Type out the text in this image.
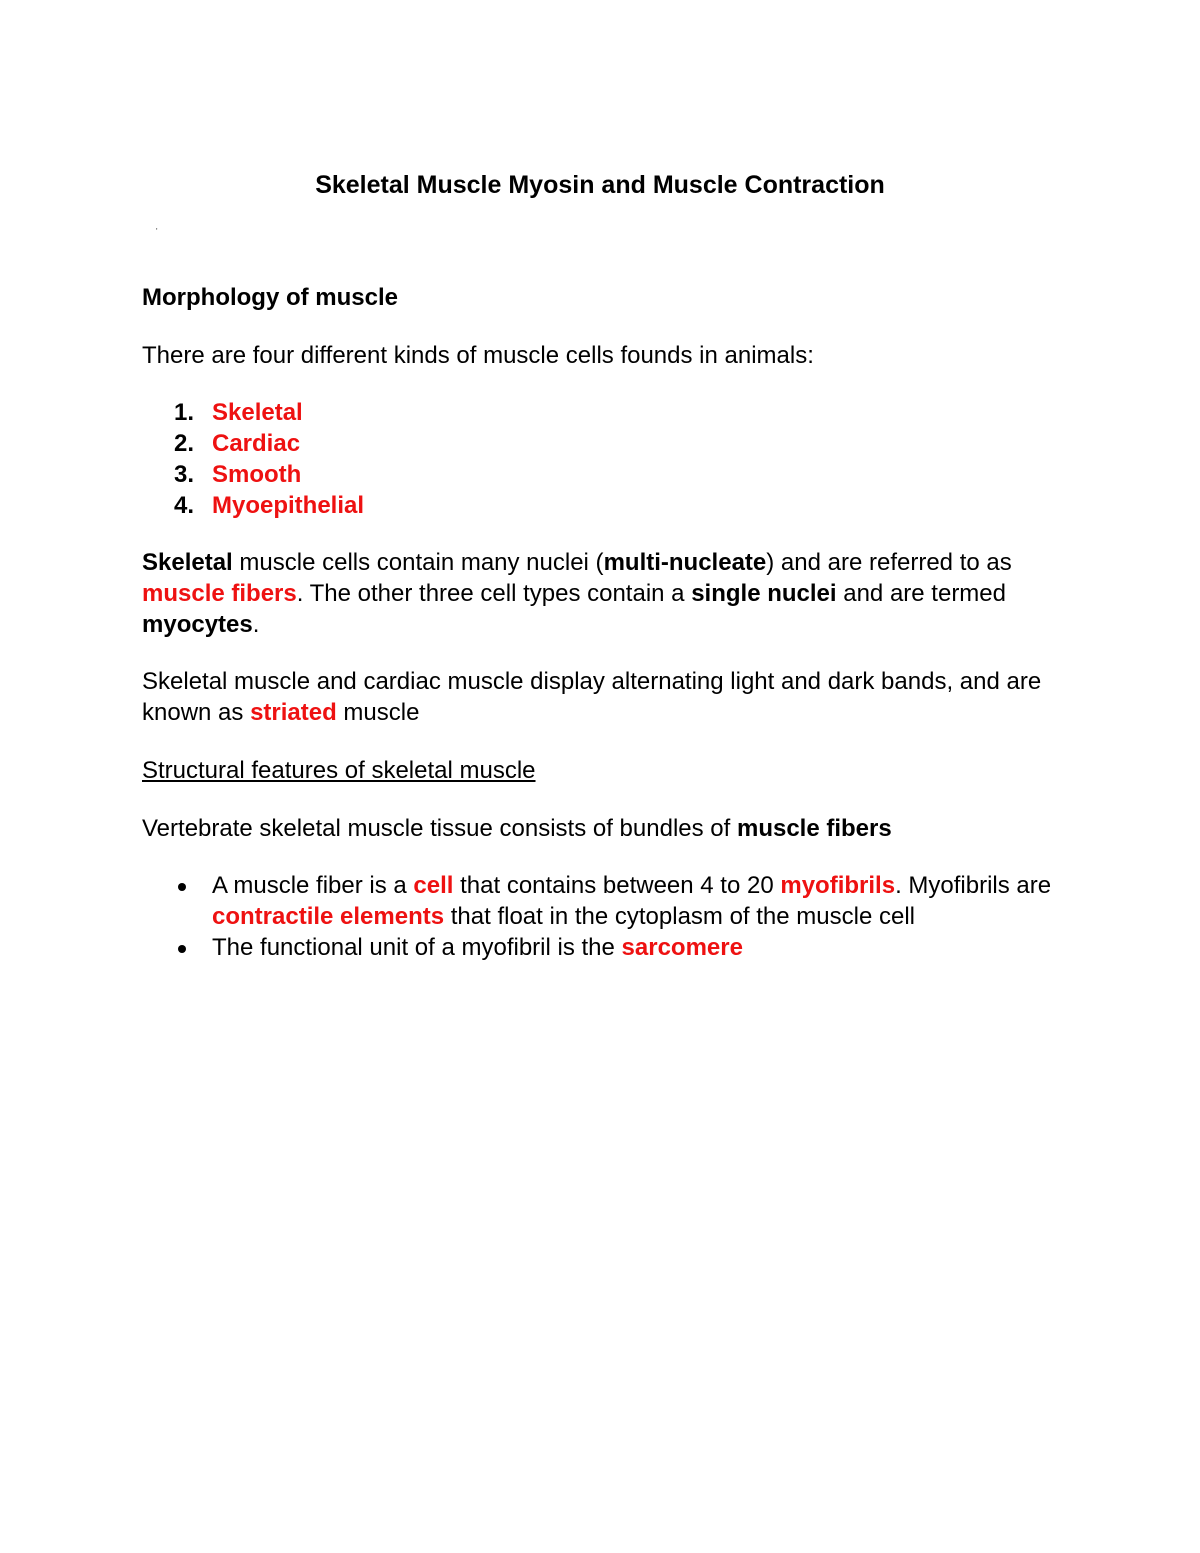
Skeletal Muscle Myosin and Muscle Contraction
'
Morphology of muscle
There are four different kinds of muscle cells founds in animals:
1. Skeletal
2. Cardiac
3. Smooth
4. Myoepithelial
Skeletal muscle cells contain many nuclei (multi-nucleate) and are referred to as muscle fibers. The other three cell types contain a single nuclei and are termed myocytes.
Skeletal muscle and cardiac muscle display alternating light and dark bands, and are known as striated muscle
Structural features of skeletal muscle
Vertebrate skeletal muscle tissue consists of bundles of muscle fibers
A muscle fiber is a cell that contains between 4 to 20 myofibrils. Myofibrils are contractile elements that float in the cytoplasm of the muscle cell
The functional unit of a myofibril is the sarcomere
